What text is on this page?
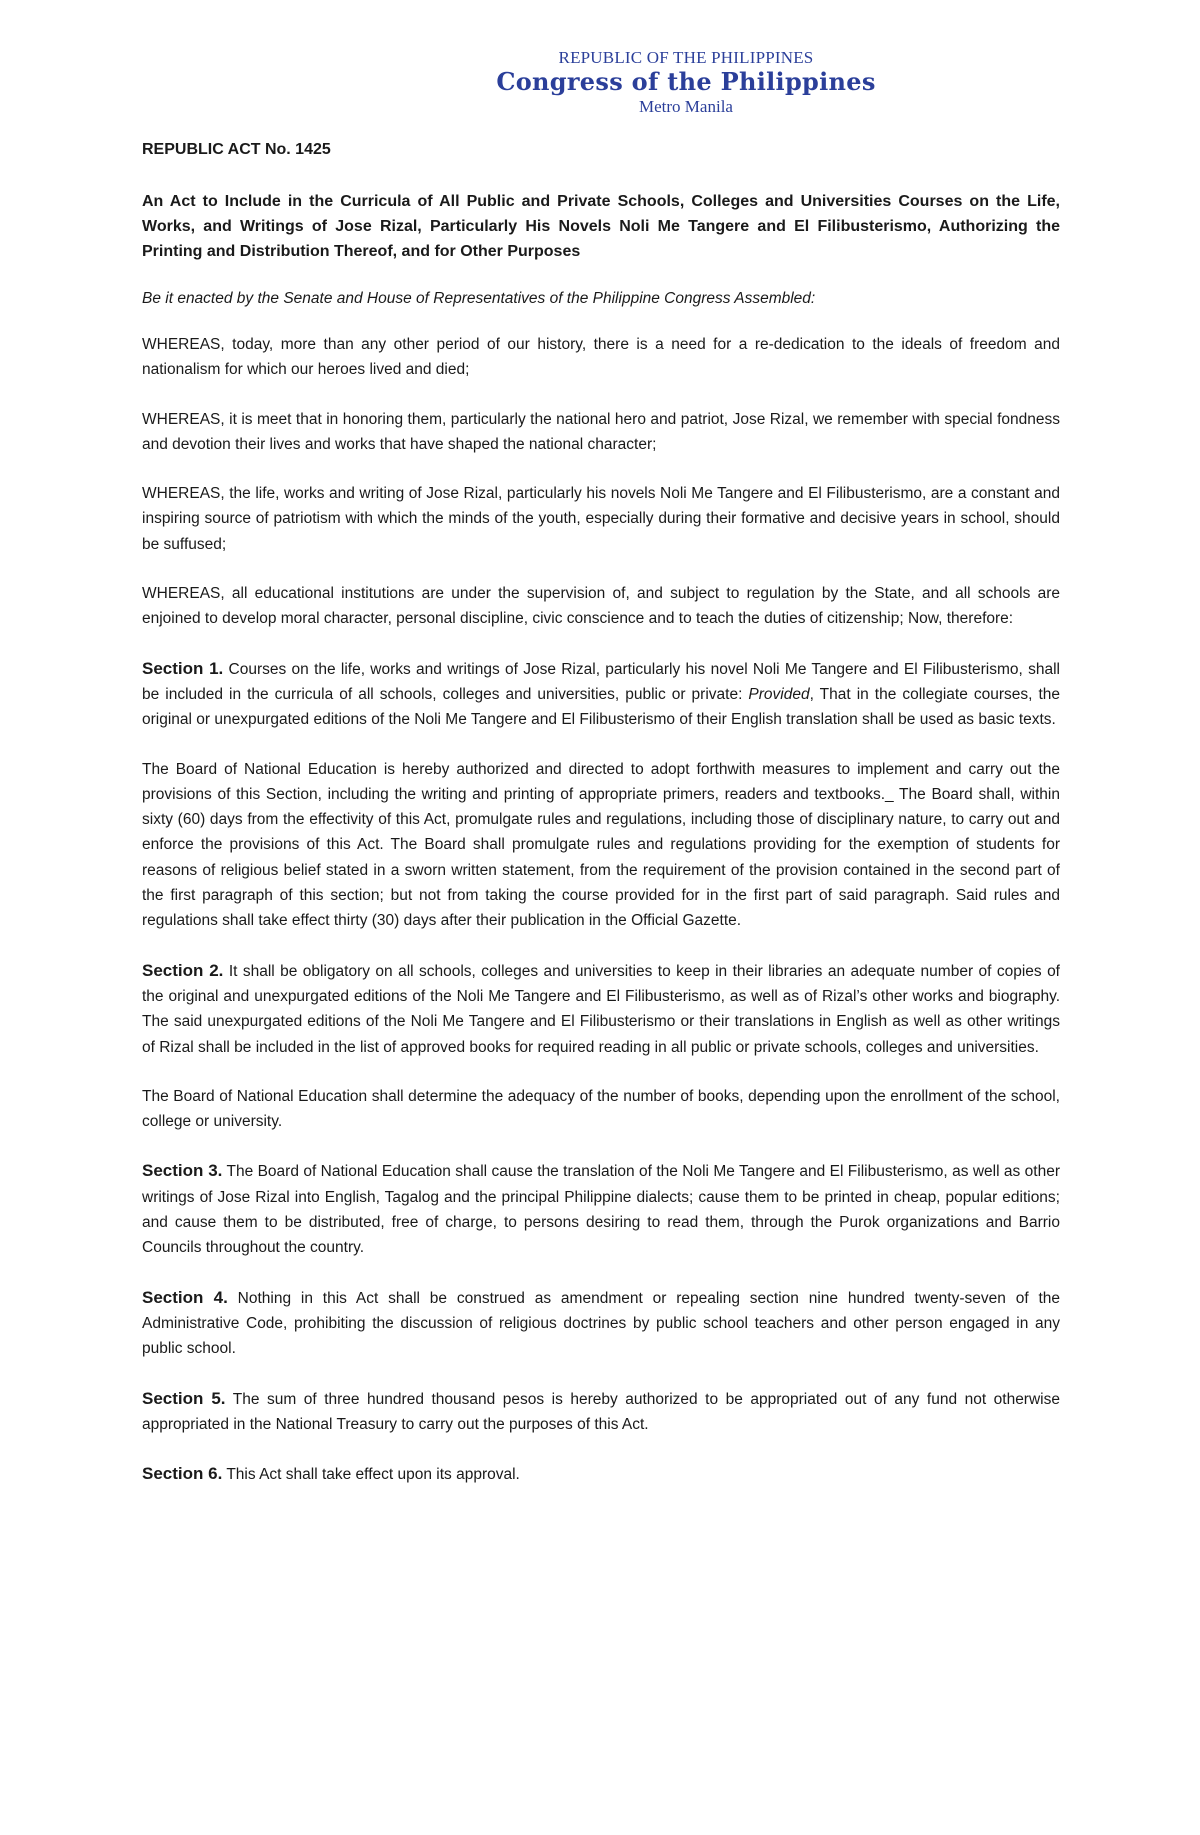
REPUBLIC OF THE PHILIPPINES
Congress of the Philippines
Metro Manila
REPUBLIC ACT No. 1425
An Act to Include in the Curricula of All Public and Private Schools, Colleges and Universities Courses on the Life, Works, and Writings of Jose Rizal, Particularly His Novels Noli Me Tangere and El Filibusterismo, Authorizing the Printing and Distribution Thereof, and for Other Purposes
Be it enacted by the Senate and House of Representatives of the Philippine Congress Assembled:

WHEREAS, today, more than any other period of our history, there is a need for a re-dedication to the ideals of freedom and nationalism for which our heroes lived and died;

WHEREAS, it is meet that in honoring them, particularly the national hero and patriot, Jose Rizal, we remember with special fondness and devotion their lives and works that have shaped the national character;

WHEREAS, the life, works and writing of Jose Rizal, particularly his novels Noli Me Tangere and El Filibusterismo, are a constant and inspiring source of patriotism with which the minds of the youth, especially during their formative and decisive years in school, should be suffused;

WHEREAS, all educational institutions are under the supervision of, and subject to regulation by the State, and all schools are enjoined to develop moral character, personal discipline, civic conscience and to teach the duties of citizenship; Now, therefore:

Section 1. Courses on the life, works and writings of Jose Rizal, particularly his novel Noli Me Tangere and El Filibusterismo, shall be included in the curricula of all schools, colleges and universities, public or private: Provided, That in the collegiate courses, the original or unexpurgated editions of the Noli Me Tangere and El Filibusterismo of their English translation shall be used as basic texts.

The Board of National Education is hereby authorized and directed to adopt forthwith measures to implement and carry out the provisions of this Section, including the writing and printing of appropriate primers, readers and textbooks._ The Board shall, within sixty (60) days from the effectivity of this Act, promulgate rules and regulations, including those of disciplinary nature, to carry out and enforce the provisions of this Act. The Board shall promulgate rules and regulations providing for the exemption of students for reasons of religious belief stated in a sworn written statement, from the requirement of the provision contained in the second part of the first paragraph of this section; but not from taking the course provided for in the first part of said paragraph. Said rules and regulations shall take effect thirty (30) days after their publication in the Official Gazette.

Section 2. It shall be obligatory on all schools, colleges and universities to keep in their libraries an adequate number of copies of the original and unexpurgated editions of the Noli Me Tangere and El Filibusterismo, as well as of Rizal’s other works and biography. The said unexpurgated editions of the Noli Me Tangere and El Filibusterismo or their translations in English as well as other writings of Rizal shall be included in the list of approved books for required reading in all public or private schools, colleges and universities.

The Board of National Education shall determine the adequacy of the number of books, depending upon the enrollment of the school, college or university.

Section 3. The Board of National Education shall cause the translation of the Noli Me Tangere and El Filibusterismo, as well as other writings of Jose Rizal into English, Tagalog and the principal Philippine dialects; cause them to be printed in cheap, popular editions; and cause them to be distributed, free of charge, to persons desiring to read them, through the Purok organizations and Barrio Councils throughout the country.

Section 4. Nothing in this Act shall be construed as amendment or repealing section nine hundred twenty-seven of the Administrative Code, prohibiting the discussion of religious doctrines by public school teachers and other person engaged in any public school.

Section 5. The sum of three hundred thousand pesos is hereby authorized to be appropriated out of any fund not otherwise appropriated in the National Treasury to carry out the purposes of this Act.

Section 6. This Act shall take effect upon its approval.
